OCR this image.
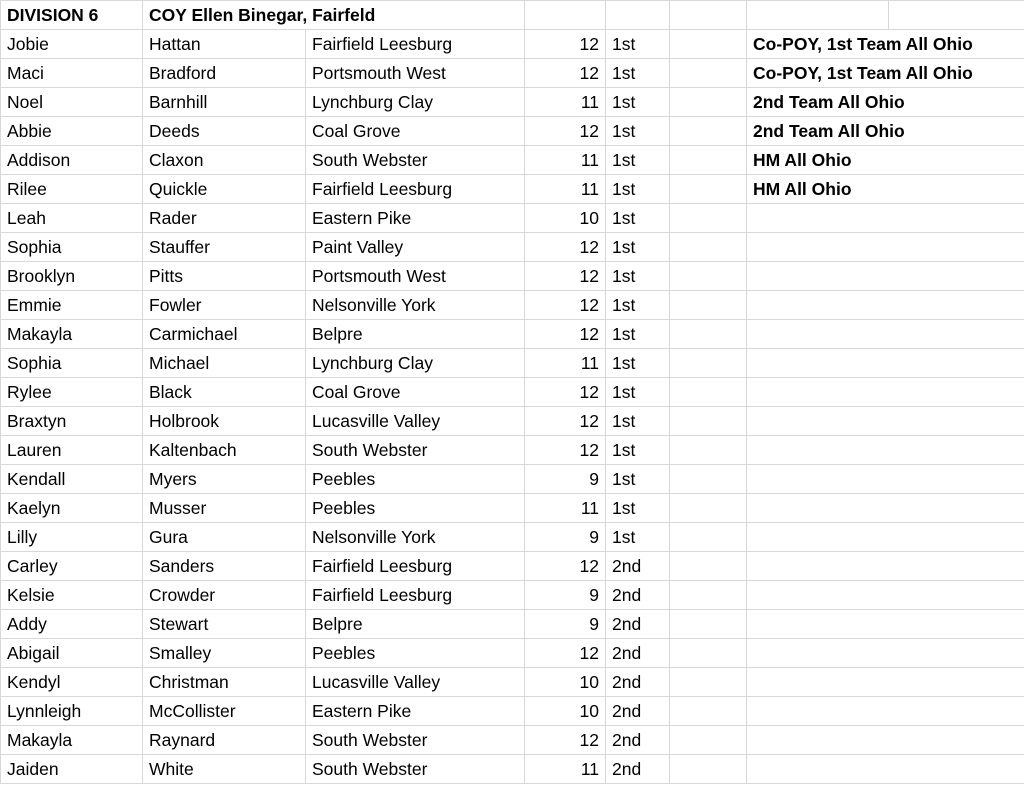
DIVISION 6	COY Ellen Binegar, Fairfeld						
Jobie	Hattan	Fairfield Leesburg	12	1st		Co-POY, 1st Team All Ohio	
Maci	Bradford	Portsmouth West	12	1st		Co-POY, 1st Team All Ohio	
Noel	Barnhill	Lynchburg Clay	11	1st		2nd Team All Ohio	
Abbie	Deeds	Coal Grove	12	1st		2nd Team All Ohio	
Addison	Claxon	South Webster	11	1st		HM All Ohio	
Rilee	Quickle	Fairfield Leesburg	11	1st		HM All Ohio	
Leah	Rader	Eastern Pike	10	1st			
Sophia	Stauffer	Paint Valley	12	1st			
Brooklyn	Pitts	Portsmouth West	12	1st			
Emmie	Fowler	Nelsonville York	12	1st			
Makayla	Carmichael	Belpre	12	1st			
Sophia	Michael	Lynchburg Clay	11	1st			
Rylee	Black	Coal Grove	12	1st			
Braxtyn	Holbrook	Lucasville Valley	12	1st			
Lauren	Kaltenbach	South Webster	12	1st			
Kendall	Myers	Peebles	9	1st			
Kaelyn	Musser	Peebles	11	1st			
Lilly	Gura	Nelsonville York	9	1st			
Carley	Sanders	Fairfield Leesburg	12	2nd			
Kelsie	Crowder	Fairfield Leesburg	9	2nd			
Addy	Stewart	Belpre	9	2nd			
Abigail	Smalley	Peebles	12	2nd			
Kendyl	Christman	Lucasville Valley	10	2nd			
Lynnleigh	McCollister	Eastern Pike	10	2nd			
Makayla	Raynard	South Webster	12	2nd			
Jaiden	White	South Webster	11	2nd			
